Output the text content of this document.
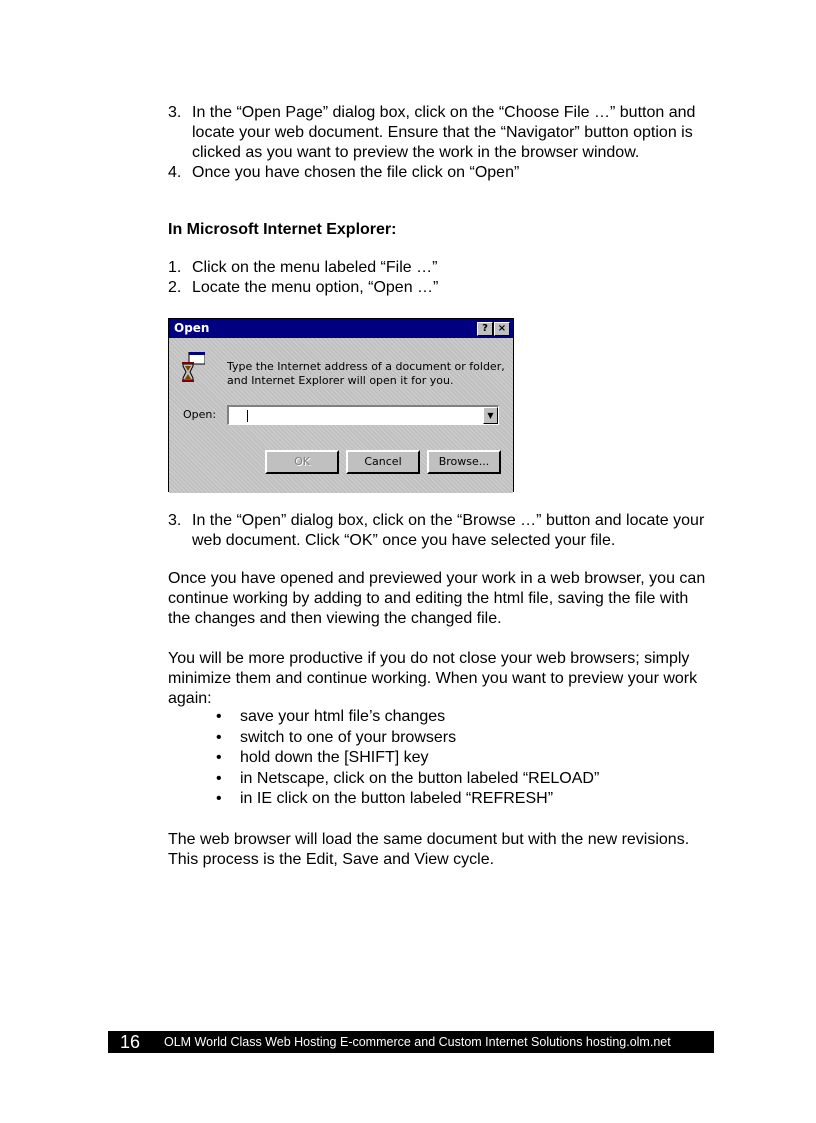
3. In the “Open Page” dialog box, click on the “Choose File …” button and locate your web document. Ensure that the “Navigator” button option is clicked as you want to preview the work in the browser window.
4. Once you have chosen the file click on “Open”
In Microsoft Internet Explorer:
1. Click on the menu labeled “File …”
2. Locate the menu option, “Open …”
Open	? ×
Type the Internet address of a document or folder, and Internet Explorer will open it for you.
Open:	▼
OK	Cancel	Browse...
3. In the “Open” dialog box, click on the “Browse …” button and locate your web document. Click “OK” once you have selected your file.

Once you have opened and previewed your work in a web browser, you can continue working by adding to and editing the html file, saving the file with the changes and then viewing the changed file.

You will be more productive if you do not close your web browsers; simply minimize them and continue working. When you want to preview your work again:

• save your html file’s changes
• switch to one of your browsers
• hold down the [SHIFT] key
• in Netscape, click on the button labeled “RELOAD”
• in IE click on the button labeled “REFRESH”

The web browser will load the same document but with the new revisions. This process is the Edit, Save and View cycle.

16 OLM World Class Web Hosting E-commerce and Custom Internet Solutions hosting.olm.net
